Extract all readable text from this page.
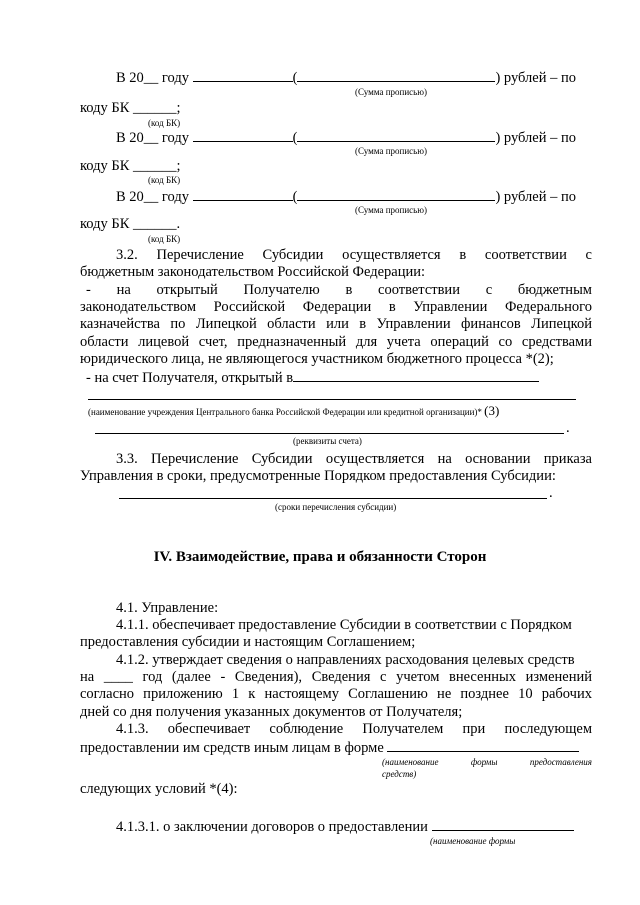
В 20__ году	(	) рублей – по
(Сумма прописью)
коду БК ______;
(код БК)
В 20__ году	(	) рублей – по
(Сумма прописью)
коду БК ______;
(код БК)
В 20__ году	(	) рублей – по
(Сумма прописью)
коду БК ______.
(код БК)
3.2. Перечисление Субсидии осуществляется в соответствии с
бюджетным законодательством Российской Федерации:
- на открытый Получателю в соответствии с бюджетным
законодательством Российской Федерации в Управлении Федерального
казначейства по Липецкой области или в Управлении финансов Липецкой
области лицевой счет, предназначенный для учета операций со средствами
юридического лица, не являющегося участником бюджетного процесса *(2);
- на счет Получателя, открытый в
(наименование учреждения Центрального банка Российской Федерации или кредитной организации)* (3)
.
(реквизиты счета)
3.3. Перечисление Субсидии осуществляется на основании приказа
Управления в сроки, предусмотренные Порядком предоставления Субсидии:
.
(сроки перечисления субсидии)
IV. Взаимодействие, права и обязанности Сторон
4.1. Управление:
4.1.1. обеспечивает предоставление Субсидии в соответствии с Порядком
предоставления субсидии и настоящим Соглашением;
4.1.2. утверждает сведения о направлениях расходования целевых средств
на ____ год (далее - Сведения), Сведения с учетом внесенных изменений
согласно приложению 1 к настоящему Соглашению не позднее 10 рабочих
дней со дня получения указанных документов от Получателя;
4.1.3. обеспечивает соблюдение Получателем при последующем
предоставлении им средств иным лицам в форме
(наименование формы предоставления
средств)
следующих условий *(4):
4.1.3.1. о заключении договоров о предоставлении
(наименование формы
